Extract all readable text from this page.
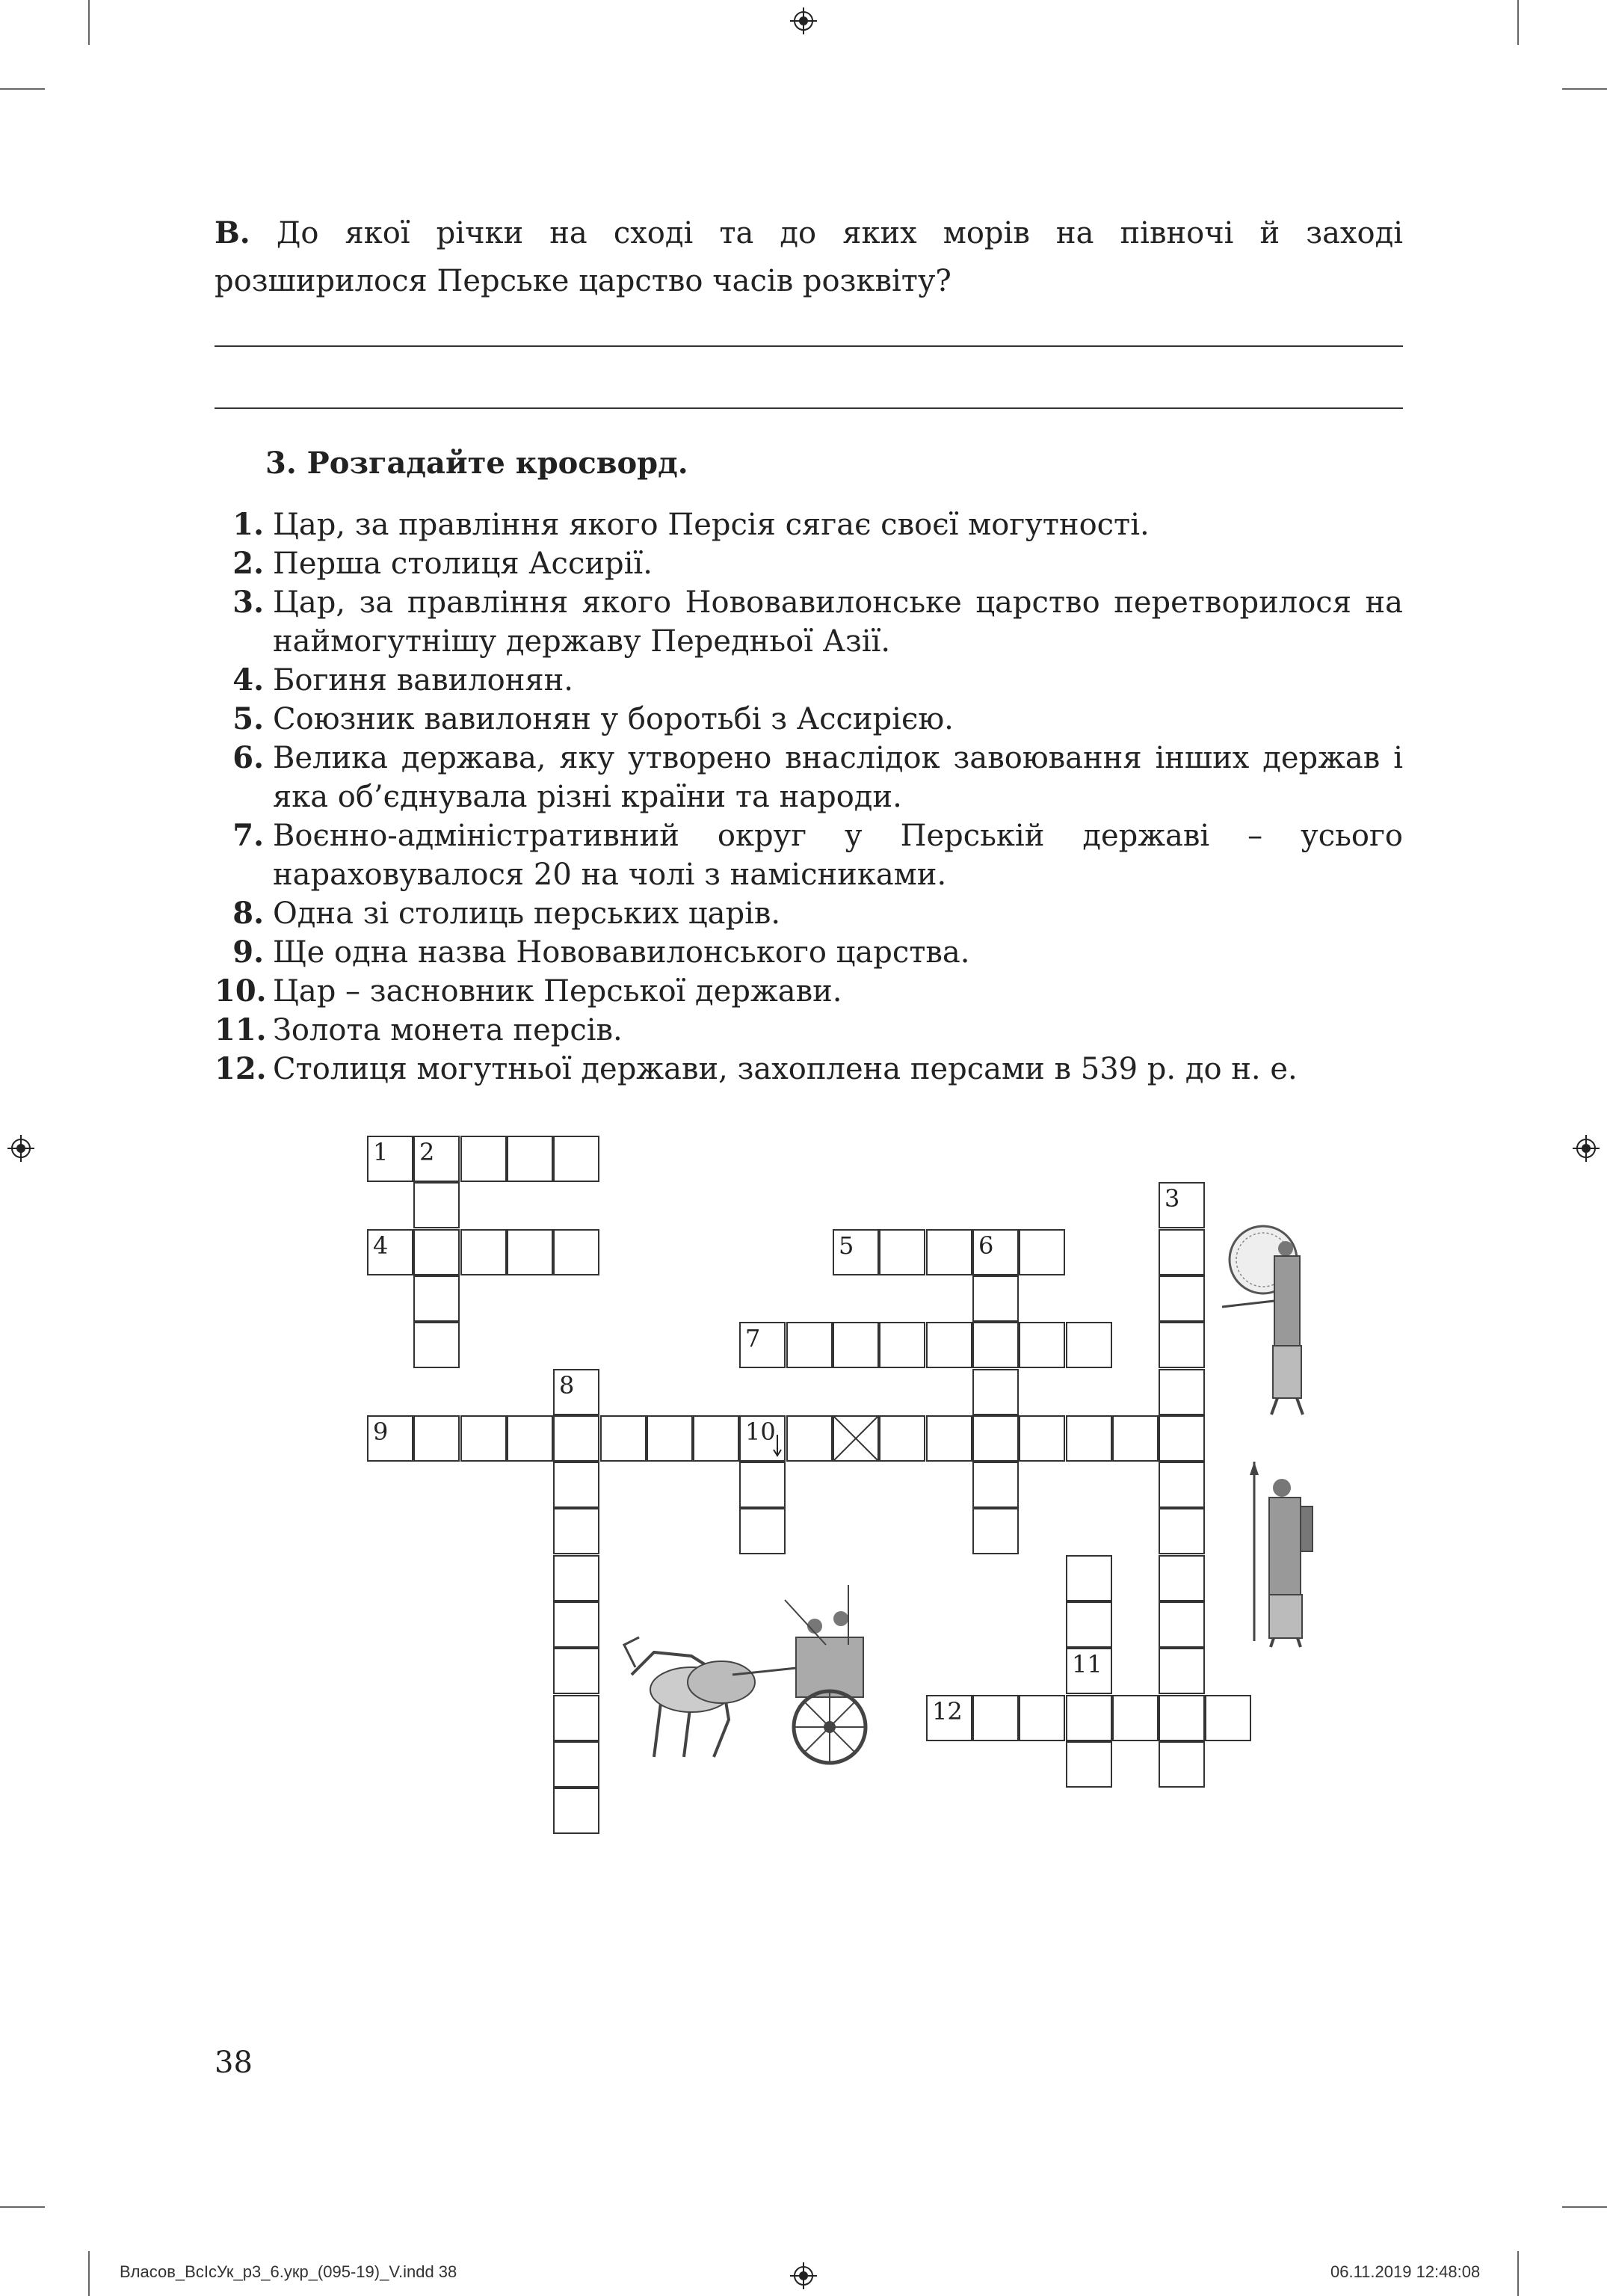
В. До якої річки на сході та до яких морів на півночі й заході розширилося Перське царство часів розквіту?

3. Розгадайте кросворд.

1. Цар, за правління якого Персія сягає своєї могутності.
2. Перша столиця Ассирії.
3. Цар, за правління якого Нововавилонське царство перетворилося на наймогутнішу державу Передньої Азії.
4. Богиня вавилонян.
5. Союзник вавилонян у боротьбі з Ассирією.
6. Велика держава, яку утворено внаслідок завоювання інших держав і яка об’єднувала різні країни та народи.
7. Воєнно-адміністративний округ у Перській державі – усього нараховувалося 20 на чолі з намісниками.
8. Одна зі столиць перських царів.
9. Ще одна назва Нововавилонського царства.
10. Цар – засновник Перської держави.
11. Золота монета персів.
12. Столиця могутньої держави, захоплена персами в 539 р. до н. е.
1 2
3
4	5	6
7
8
9	10
11
12

38

Власов_ВсІсУк_р3_6.укр_(095-19)_V.indd 38	06.11.2019 12:48:08
